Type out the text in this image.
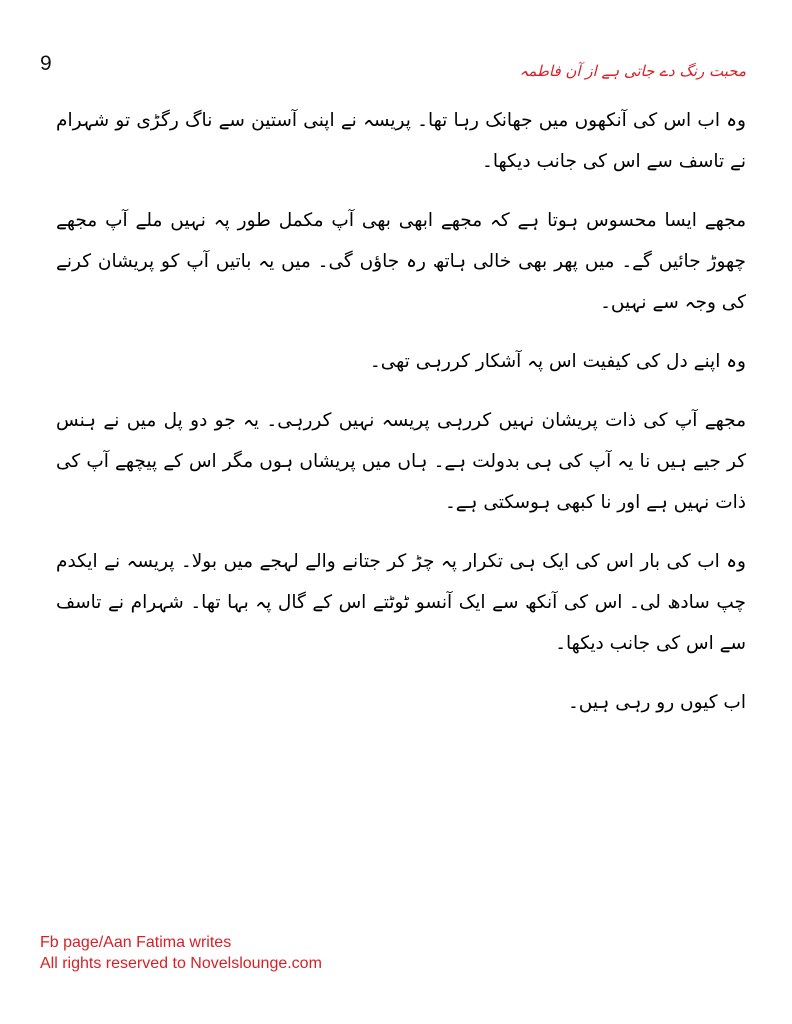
9	محبت رنگ دے جاتی ہے از آن فاطمہ

وہ اب اس کی آنکھوں میں جھانک رہا تھا۔ پریسہ نے اپنی آستین سے ناگ رگڑی تو شہرام نے تاسف سے اس کی جانب دیکھا۔

مجھے ایسا محسوس ہوتا ہے کہ مجھے ابھی بھی آپ مکمل طور پہ نہیں ملے آپ مجھے چھوڑ جائیں گے۔ میں پھر بھی خالی ہاتھ رہ جاؤں گی۔ میں یہ باتیں آپ کو پریشان کرنے کی وجہ سے نہیں۔

وہ اپنے دل کی کیفیت اس پہ آشکار کررہی تھی۔

مجھے آپ کی ذات پریشان نہیں کررہی پریسہ نہیں کررہی۔ یہ جو دو پل میں نے ہنس کر جیے ہیں نا یہ آپ کی ہی بدولت ہے۔ ہاں میں پریشاں ہوں مگر اس کے پیچھے آپ کی ذات نہیں ہے اور نا کبھی ہوسکتی ہے۔

وہ اب کی بار اس کی ایک ہی تکرار پہ چڑ کر جتانے والے لہجے میں بولا۔ پریسہ نے ایکدم چپ سادھ لی۔ اس کی آنکھ سے ایک آنسو ٹوٹتے اس کے گال پہ بہا تھا۔ شہرام نے تاسف سے اس کی جانب دیکھا۔

اب کیوں رو رہی ہیں۔

Fb page/Aan Fatima writes
All rights reserved to Novelslounge.com
